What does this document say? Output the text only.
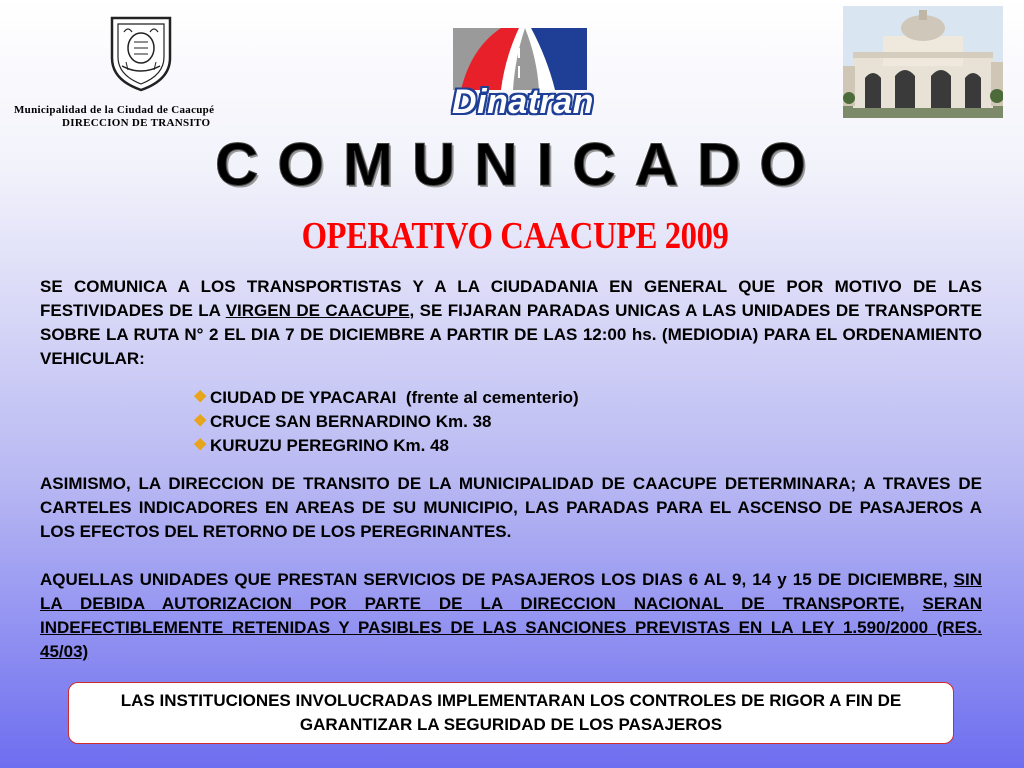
Municipalidad de la Ciudad de Caacupé
DIRECCION DE TRANSITO
Dinatran
COMUNICADO
OPERATIVO CAACUPE 2009
SE COMUNICA A LOS TRANSPORTISTAS Y A LA CIUDADANIA EN GENERAL QUE POR MOTIVO DE LAS FESTIVIDADES DE LA VIRGEN DE CAACUPE, SE FIJARAN PARADAS UNICAS A LAS UNIDADES DE TRANSPORTE SOBRE LA RUTA N° 2 EL DIA 7 DE DICIEMBRE A PARTIR DE LAS 12:00 hs. (MEDIODIA) PARA EL ORDENAMIENTO VEHICULAR:
❖ CIUDAD DE YPACARAI  (frente al cementerio)
❖ CRUCE SAN BERNARDINO Km. 38
❖ KURUZU PEREGRINO Km. 48
ASIMISMO, LA DIRECCION DE TRANSITO DE LA MUNICIPALIDAD DE CAACUPE DETERMINARA; A TRAVES DE CARTELES INDICADORES EN AREAS DE SU MUNICIPIO, LAS PARADAS PARA EL ASCENSO DE PASAJEROS A LOS EFECTOS DEL RETORNO DE LOS PEREGRINANTES.
AQUELLAS UNIDADES QUE PRESTAN SERVICIOS DE PASAJEROS LOS DIAS 6 AL 9, 14 y 15 DE DICIEMBRE, SIN LA DEBIDA AUTORIZACION POR PARTE DE LA DIRECCION NACIONAL DE TRANSPORTE, SERAN INDEFECTIBLEMENTE RETENIDAS Y PASIBLES DE LAS SANCIONES PREVISTAS EN LA LEY 1.590/2000 (RES. 45/03)
LAS INSTITUCIONES INVOLUCRADAS IMPLEMENTARAN LOS CONTROLES DE RIGOR A FIN DE GARANTIZAR LA SEGURIDAD DE LOS PASAJEROS
